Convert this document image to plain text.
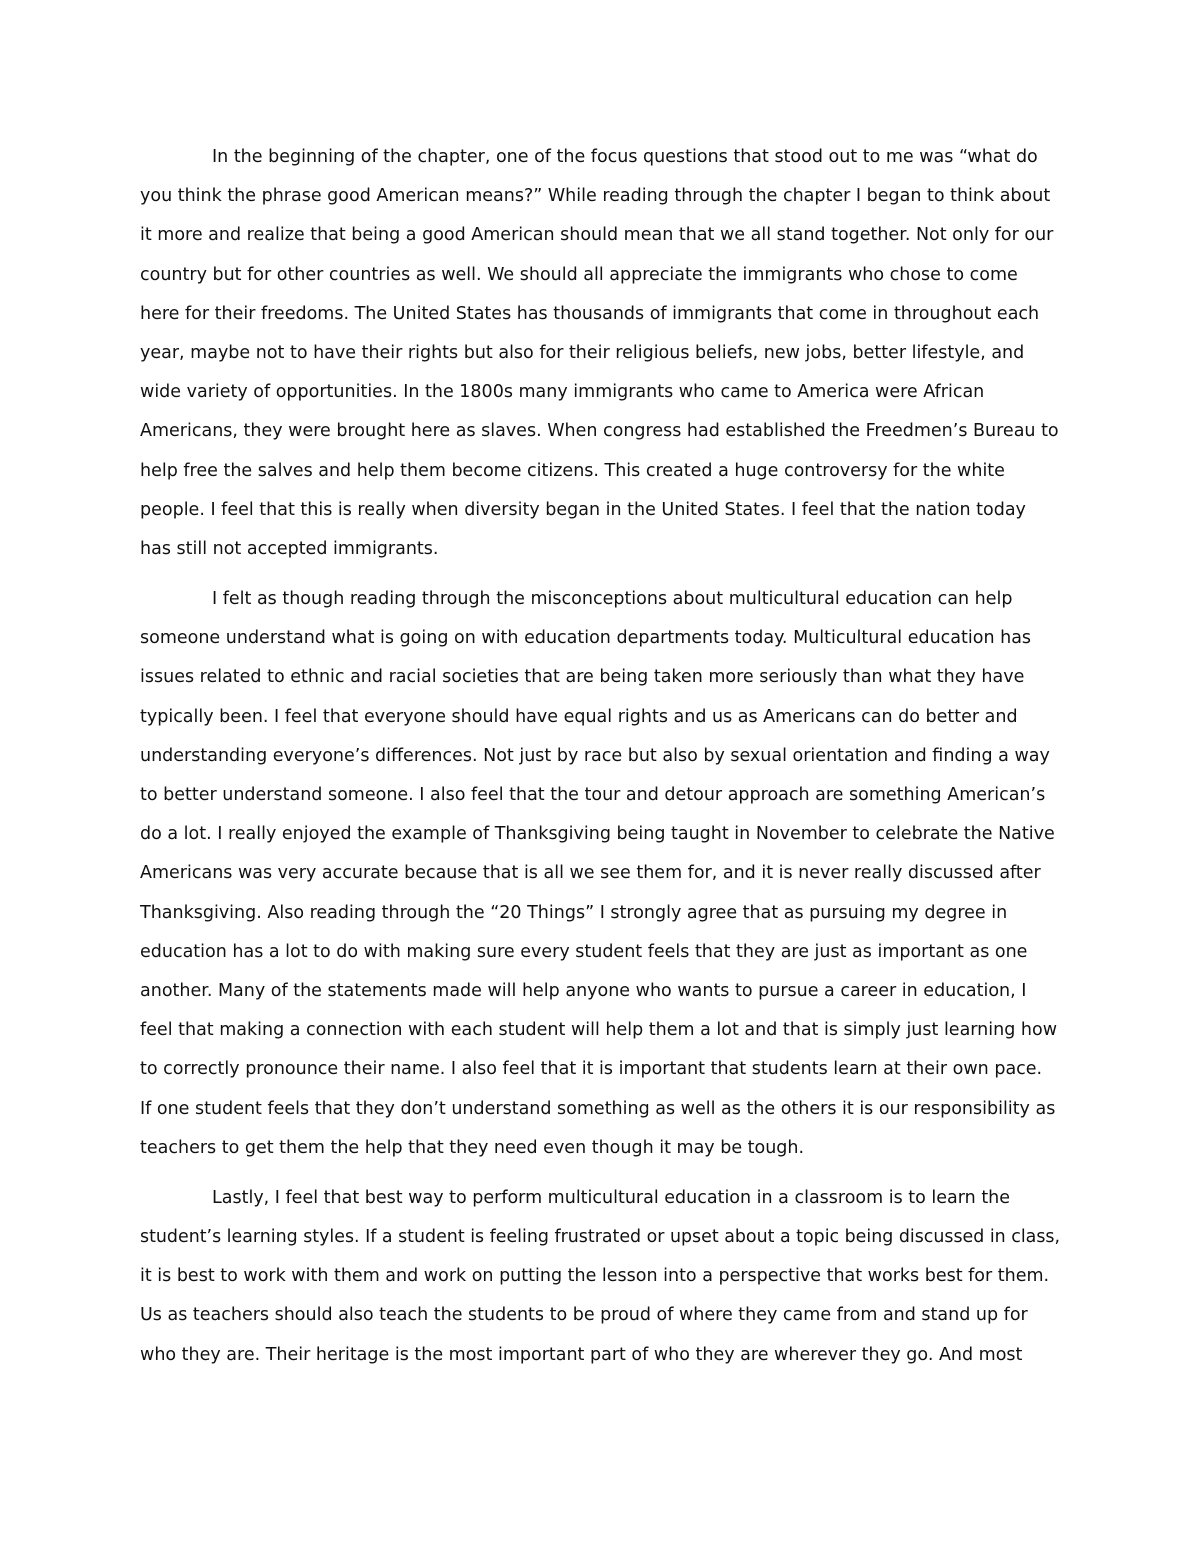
In the beginning of the chapter, one of the focus questions that stood out to me was “what do
you think the phrase good American means?” While reading through the chapter I began to think about
it more and realize that being a good American should mean that we all stand together. Not only for our
country but for other countries as well. We should all appreciate the immigrants who chose to come
here for their freedoms. The United States has thousands of immigrants that come in throughout each
year, maybe not to have their rights but also for their religious beliefs, new jobs, better lifestyle, and
wide variety of opportunities. In the 1800s many immigrants who came to America were African
Americans, they were brought here as slaves. When congress had established the Freedmen’s Bureau to
help free the salves and help them become citizens. This created a huge controversy for the white
people. I feel that this is really when diversity began in the United States. I feel that the nation today
has still not accepted immigrants.
I felt as though reading through the misconceptions about multicultural education can help
someone understand what is going on with education departments today. Multicultural education has
issues related to ethnic and racial societies that are being taken more seriously than what they have
typically been. I feel that everyone should have equal rights and us as Americans can do better and
understanding everyone’s differences. Not just by race but also by sexual orientation and finding a way
to better understand someone. I also feel that the tour and detour approach are something American’s
do a lot. I really enjoyed the example of Thanksgiving being taught in November to celebrate the Native
Americans was very accurate because that is all we see them for, and it is never really discussed after
Thanksgiving. Also reading through the “20 Things” I strongly agree that as pursuing my degree in
education has a lot to do with making sure every student feels that they are just as important as one
another. Many of the statements made will help anyone who wants to pursue a career in education, I
feel that making a connection with each student will help them a lot and that is simply just learning how
to correctly pronounce their name. I also feel that it is important that students learn at their own pace.
If one student feels that they don’t understand something as well as the others it is our responsibility as
teachers to get them the help that they need even though it may be tough.
Lastly, I feel that best way to perform multicultural education in a classroom is to learn the
student’s learning styles. If a student is feeling frustrated or upset about a topic being discussed in class,
it is best to work with them and work on putting the lesson into a perspective that works best for them.
Us as teachers should also teach the students to be proud of where they came from and stand up for
who they are. Their heritage is the most important part of who they are wherever they go. And most
